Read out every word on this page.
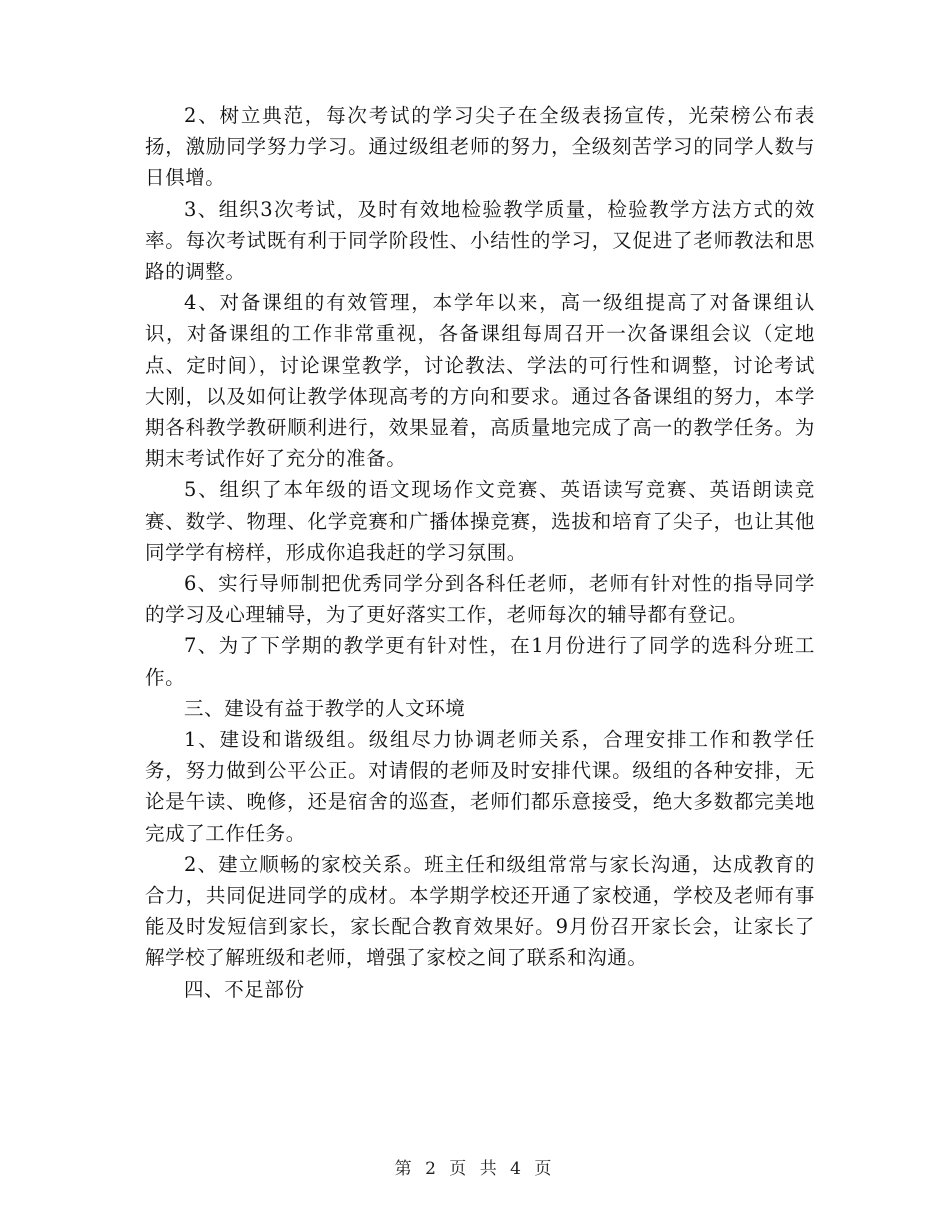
2、树立典范，每次考试的学习尖子在全级表扬宣传，光荣榜公布表扬，激励同学努力学习。通过级组老师的努力，全级刻苦学习的同学人数与日俱增。

3、组织3次考试，及时有效地检验教学质量，检验教学方法方式的效率。每次考试既有利于同学阶段性、小结性的学习，又促进了老师教法和思路的调整。

4、对备课组的有效管理，本学年以来，高一级组提高了对备课组认识，对备课组的工作非常重视，各备课组每周召开一次备课组会议（定地点、定时间），讨论课堂教学，讨论教法、学法的可行性和调整，讨论考试大刚，以及如何让教学体现高考的方向和要求。通过各备课组的努力，本学期各科教学教研顺利进行，效果显着，高质量地完成了高一的教学任务。为期末考试作好了充分的准备。

5、组织了本年级的语文现场作文竞赛、英语读写竞赛、英语朗读竞赛、数学、物理、化学竞赛和广播体操竞赛，选拔和培育了尖子，也让其他同学学有榜样，形成你追我赶的学习氛围。

6、实行导师制把优秀同学分到各科任老师，老师有针对性的指导同学的学习及心理辅导，为了更好落实工作，老师每次的辅导都有登记。

7、为了下学期的教学更有针对性，在1月份进行了同学的选科分班工作。

三、建设有益于教学的人文环境

1、建设和谐级组。级组尽力协调老师关系，合理安排工作和教学任务，努力做到公平公正。对请假的老师及时安排代课。级组的各种安排，无论是午读、晚修，还是宿舍的巡查，老师们都乐意接受，绝大多数都完美地完成了工作任务。

2、建立顺畅的家校关系。班主任和级组常常与家长沟通，达成教育的合力，共同促进同学的成材。本学期学校还开通了家校通，学校及老师有事能及时发短信到家长，家长配合教育效果好。9月份召开家长会，让家长了解学校了解班级和老师，增强了家校之间了联系和沟通。

四、不足部份

第 2 页 共 4 页
